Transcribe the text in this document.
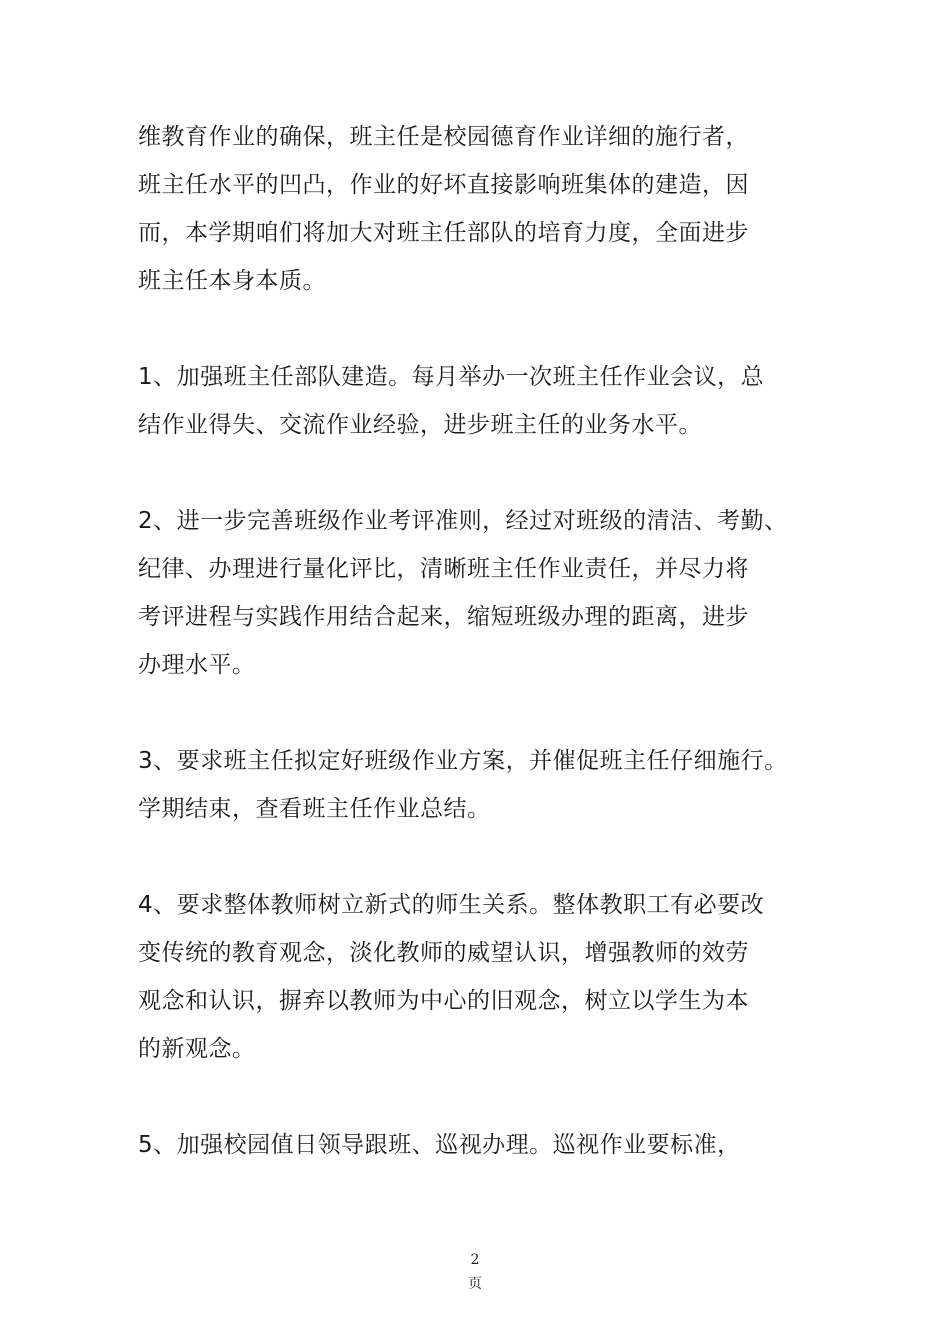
维教育作业的确保，班主任是校园德育作业详细的施行者，
班主任水平的凹凸，作业的好坏直接影响班集体的建造，因
而，本学期咱们将加大对班主任部队的培育力度，全面进步
班主任本身本质。
1、加强班主任部队建造。每月举办一次班主任作业会议，总
结作业得失、交流作业经验，进步班主任的业务水平。
2、进一步完善班级作业考评准则，经过对班级的清洁、考勤、
纪律、办理进行量化评比，清晰班主任作业责任，并尽力将
考评进程与实践作用结合起来，缩短班级办理的距离，进步
办理水平。
3、要求班主任拟定好班级作业方案，并催促班主任仔细施行。
学期结束，查看班主任作业总结。
4、要求整体教师树立新式的师生关系。整体教职工有必要改
变传统的教育观念，淡化教师的威望认识，增强教师的效劳
观念和认识，摒弃以教师为中心的旧观念，树立以学生为本
的新观念。
5、加强校园值日领导跟班、巡视办理。巡视作业要标准，
2
页
